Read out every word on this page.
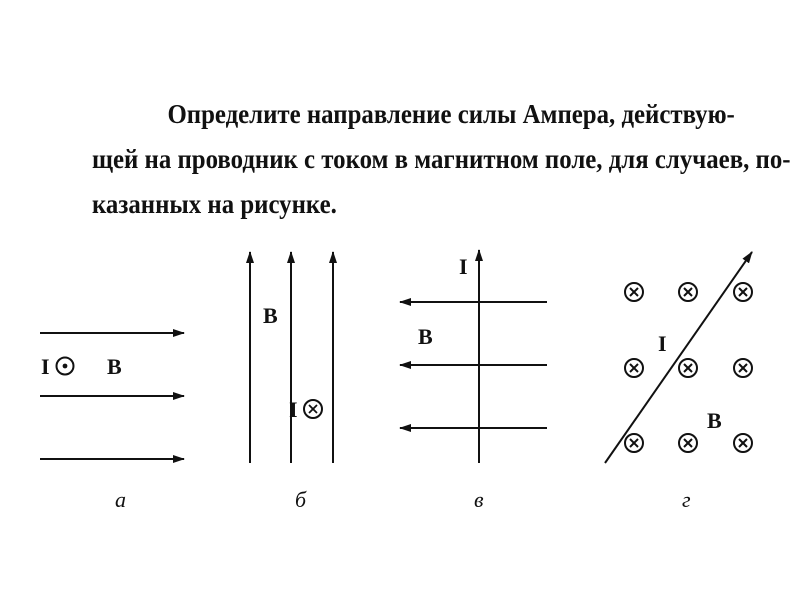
Определите направление силы Ампера, действую-
щей на проводник с током в магнитном поле, для случаев, по-
казанных на рисунке.
I	B
а
B
I
б
I
B
в
I
B
г
